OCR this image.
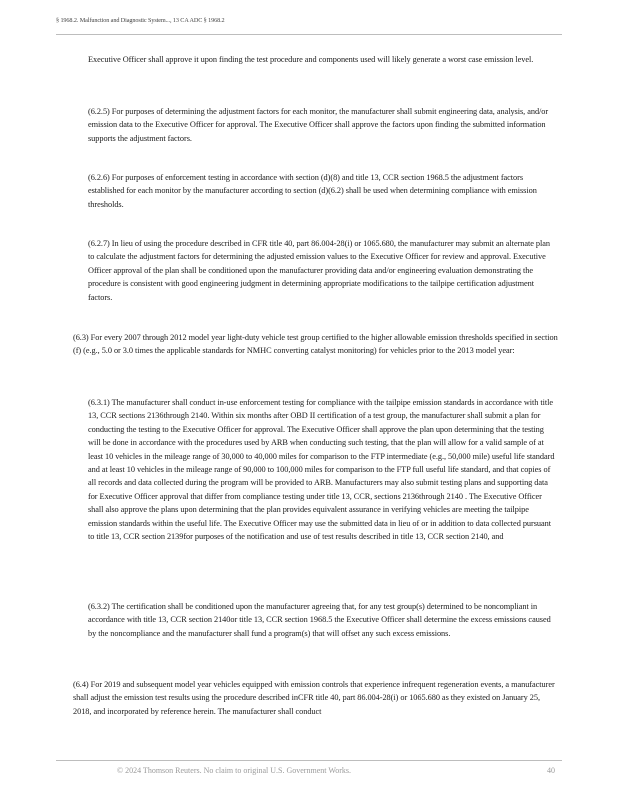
§ 1968.2. Malfunction and Diagnostic System..., 13 CA ADC § 1968.2

Executive Officer shall approve it upon finding the test procedure and components used will likely generate a worst case emission level.

(6.2.5) For purposes of determining the adjustment factors for each monitor, the manufacturer shall submit engineering data, analysis, and/or emission data to the Executive Officer for approval. The Executive Officer shall approve the factors upon finding the submitted information supports the adjustment factors.

(6.2.6) For purposes of enforcement testing in accordance with section (d)(8) and title 13, CCR section 1968.5 the adjustment factors established for each monitor by the manufacturer according to section (d)(6.2) shall be used when determining compliance with emission thresholds.

(6.2.7) In lieu of using the procedure described in CFR title 40, part 86.004-28(i) or 1065.680, the manufacturer may submit an alternate plan to calculate the adjustment factors for determining the adjusted emission values to the Executive Officer for review and approval. Executive Officer approval of the plan shall be conditioned upon the manufacturer providing data and/or engineering evaluation demonstrating the procedure is consistent with good engineering judgment in determining appropriate modifications to the tailpipe certification adjustment factors.

(6.3) For every 2007 through 2012 model year light-duty vehicle test group certified to the higher allowable emission thresholds specified in section (f) (e.g., 5.0 or 3.0 times the applicable standards for NMHC converting catalyst monitoring) for vehicles prior to the 2013 model year:

(6.3.1) The manufacturer shall conduct in-use enforcement testing for compliance with the tailpipe emission standards in accordance with title 13, CCR sections 2136through 2140. Within six months after OBD II certification of a test group, the manufacturer shall submit a plan for conducting the testing to the Executive Officer for approval. The Executive Officer shall approve the plan upon determining that the testing will be done in accordance with the procedures used by ARB when conducting such testing, that the plan will allow for a valid sample of at least 10 vehicles in the mileage range of 30,000 to 40,000 miles for comparison to the FTP intermediate (e.g., 50,000 mile) useful life standard and at least 10 vehicles in the mileage range of 90,000 to 100,000 miles for comparison to the FTP full useful life standard, and that copies of all records and data collected during the program will be provided to ARB. Manufacturers may also submit testing plans and supporting data for Executive Officer approval that differ from compliance testing under title 13, CCR, sections 2136through 2140 . The Executive Officer shall also approve the plans upon determining that the plan provides equivalent assurance in verifying vehicles are meeting the tailpipe emission standards within the useful life. The Executive Officer may use the submitted data in lieu of or in addition to data collected pursuant to title 13, CCR section 2139for purposes of the notification and use of test results described in title 13, CCR section 2140, and

(6.3.2) The certification shall be conditioned upon the manufacturer agreeing that, for any test group(s) determined to be noncompliant in accordance with title 13, CCR section 2140or title 13, CCR section 1968.5 the Executive Officer shall determine the excess emissions caused by the noncompliance and the manufacturer shall fund a program(s) that will offset any such excess emissions.

(6.4) For 2019 and subsequent model year vehicles equipped with emission controls that experience infrequent regeneration events, a manufacturer shall adjust the emission test results using the procedure described inCFR title 40, part 86.004-28(i) or 1065.680 as they existed on January 25, 2018, and incorporated by reference herein. The manufacturer shall conduct

© 2024 Thomson Reuters. No claim to original U.S. Government Works.	40
